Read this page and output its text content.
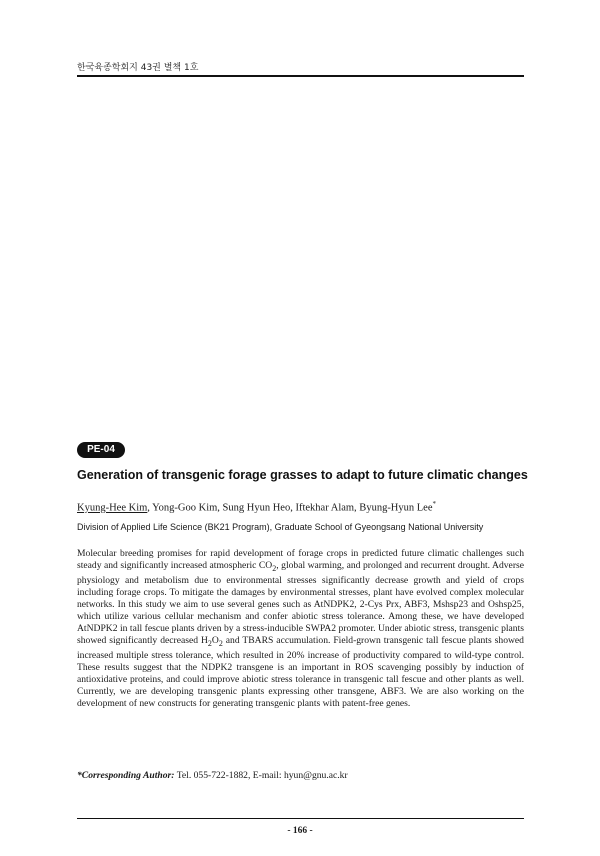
한국육종학회지 43권 별책 1호
PE-04
Generation of transgenic forage grasses to adapt to future climatic changes
Kyung-Hee Kim, Yong-Goo Kim, Sung Hyun Heo, Iftekhar Alam, Byung-Hyun Lee*
Division of Applied Life Science (BK21 Program), Graduate School of Gyeongsang National University

Molecular breeding promises for rapid development of forage crops in predicted future climatic challenges such steady and significantly increased atmospheric $CO_2$, global warming, and prolonged and recurrent drought. Adverse physiology and metabolism due to environmental stresses significantly decrease growth and yield of crops including forage crops. To mitigate the damages by environmental stresses, plant have evolved complex molecular networks. In this study we aim to use several genes such as AtNDPK2, 2-Cys Prx, ABF3, Mshsp23 and Oshsp25, which utilize various cellular mechanism and confer abiotic stress tolerance. Among these, we have developed AtNDPK2 in tall fescue plants driven by a stress-inducible SWPA2 promoter. Under abiotic stress, transgenic plants showed significantly decreased $H_2O_2$ and TBARS accumulation. Field-grown transgenic tall fescue plants showed increased multiple stress tolerance, which resulted in 20% increase of productivity compared to wild-type control. These results suggest that the NDPK2 transgene is an important in ROS scavenging possibly by induction of antioxidative proteins, and could improve abiotic stress tolerance in transgenic tall fescue and other plants as well. Currently, we are developing transgenic plants expressing other transgene, ABF3. We are also working on the development of new constructs for generating transgenic plants with patent-free genes.

*Corresponding Author: Tel. 055-722-1882, E-mail: hyun@gnu.ac.kr
- 166 -
